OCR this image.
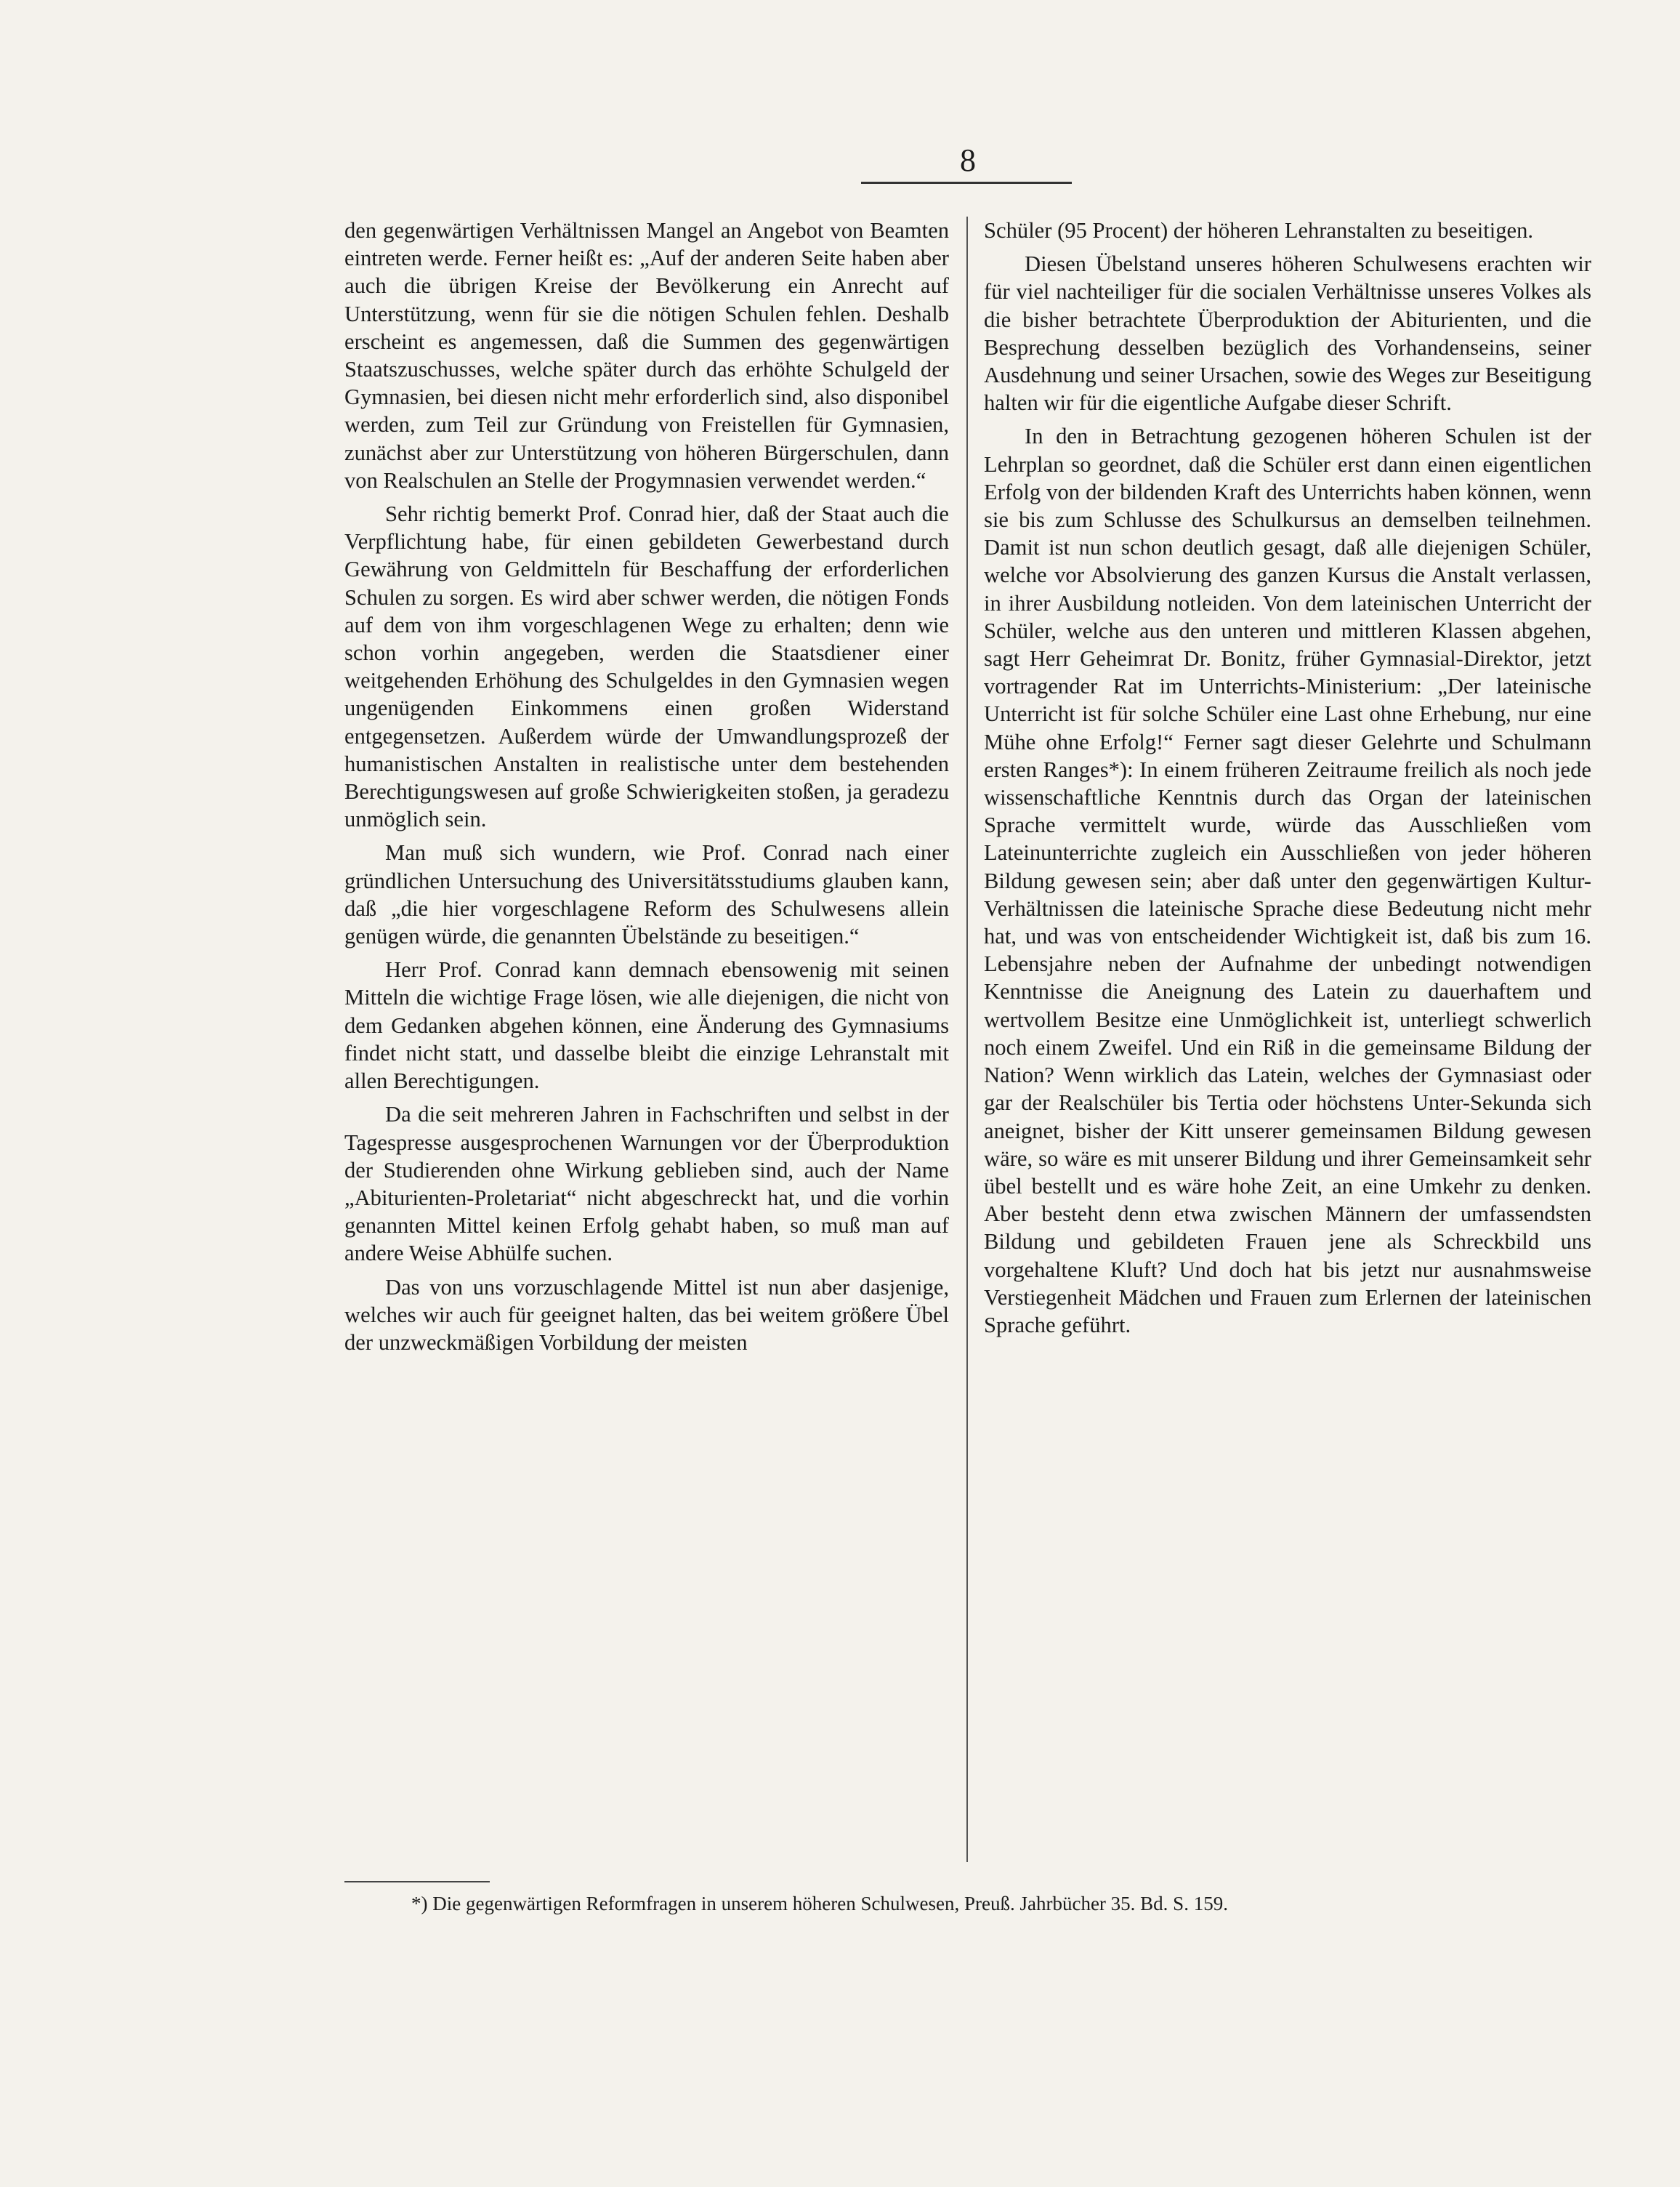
8

den gegenwärtigen Verhältnissen Mangel an Angebot von Beamten eintreten werde. Ferner heißt es: „Auf der anderen Seite haben aber auch die übrigen Kreise der Bevölkerung ein Anrecht auf Unterstützung, wenn für sie die nötigen Schulen fehlen. Deshalb erscheint es angemessen, daß die Summen des gegenwärtigen Staatszuschusses, welche später durch das erhöhte Schulgeld der Gymnasien, bei diesen nicht mehr erforderlich sind, also disponibel werden, zum Teil zur Gründung von Freistellen für Gymnasien, zunächst aber zur Unterstützung von höheren Bürgerschulen, dann von Realschulen an Stelle der Progymnasien verwendet werden.“

Sehr richtig bemerkt Prof. Conrad hier, daß der Staat auch die Verpflichtung habe, für einen gebildeten Gewerbestand durch Gewährung von Geldmitteln für Beschaffung der erforderlichen Schulen zu sorgen. Es wird aber schwer werden, die nötigen Fonds auf dem von ihm vorgeschlagenen Wege zu erhalten; denn wie schon vorhin angegeben, werden die Staatsdiener einer weitgehenden Erhöhung des Schulgeldes in den Gymnasien wegen ungenügenden Einkommens einen großen Widerstand entgegensetzen. Außerdem würde der Umwandlungsprozeß der humanistischen Anstalten in realistische unter dem bestehenden Berechtigungswesen auf große Schwierigkeiten stoßen, ja geradezu unmöglich sein.

Man muß sich wundern, wie Prof. Conrad nach einer gründlichen Untersuchung des Universitätsstudiums glauben kann, daß „die hier vorgeschlagene Reform des Schulwesens allein genügen würde, die genannten Übelstände zu beseitigen.“

Herr Prof. Conrad kann demnach ebensowenig mit seinen Mitteln die wichtige Frage lösen, wie alle diejenigen, die nicht von dem Gedanken abgehen können, eine Änderung des Gymnasiums findet nicht statt, und dasselbe bleibt die einzige Lehranstalt mit allen Berechtigungen.

Da die seit mehreren Jahren in Fachschriften und selbst in der Tagespresse ausgesprochenen Warnungen vor der Überproduktion der Studierenden ohne Wirkung geblieben sind, auch der Name „Abiturienten-Proletariat“ nicht abgeschreckt hat, und die vorhin genannten Mittel keinen Erfolg gehabt haben, so muß man auf andere Weise Abhülfe suchen.

Das von uns vorzuschlagende Mittel ist nun aber dasjenige, welches wir auch für geeignet halten, das bei weitem größere Übel der unzweckmäßigen Vorbildung der meisten

Schüler (95 Procent) der höheren Lehranstalten zu beseitigen.

Diesen Übelstand unseres höheren Schulwesens erachten wir für viel nachteiliger für die socialen Verhältnisse unseres Volkes als die bisher betrachtete Überproduktion der Abiturienten, und die Besprechung desselben bezüglich des Vorhandenseins, seiner Ausdehnung und seiner Ursachen, sowie des Weges zur Beseitigung halten wir für die eigentliche Aufgabe dieser Schrift.

In den in Betrachtung gezogenen höheren Schulen ist der Lehrplan so geordnet, daß die Schüler erst dann einen eigentlichen Erfolg von der bildenden Kraft des Unterrichts haben können, wenn sie bis zum Schlusse des Schulkursus an demselben teilnehmen. Damit ist nun schon deutlich gesagt, daß alle diejenigen Schüler, welche vor Absolvierung des ganzen Kursus die Anstalt verlassen, in ihrer Ausbildung notleiden. Von dem lateinischen Unterricht der Schüler, welche aus den unteren und mittleren Klassen abgehen, sagt Herr Geheimrat Dr. Bonitz, früher Gymnasial-Direktor, jetzt vortragender Rat im Unterrichts-Ministerium: „Der lateinische Unterricht ist für solche Schüler eine Last ohne Erhebung, nur eine Mühe ohne Erfolg!“ Ferner sagt dieser Gelehrte und Schulmann ersten Ranges*): In einem früheren Zeitraume freilich als noch jede wissenschaftliche Kenntnis durch das Organ der lateinischen Sprache vermittelt wurde, würde das Ausschließen vom Lateinunterrichte zugleich ein Ausschließen von jeder höheren Bildung gewesen sein; aber daß unter den gegenwärtigen Kultur-Verhältnissen die lateinische Sprache diese Bedeutung nicht mehr hat, und was von entscheidender Wichtigkeit ist, daß bis zum 16. Lebensjahre neben der Aufnahme der unbedingt notwendigen Kenntnisse die Aneignung des Latein zu dauerhaftem und wertvollem Besitze eine Unmöglichkeit ist, unterliegt schwerlich noch einem Zweifel. Und ein Riß in die gemeinsame Bildung der Nation? Wenn wirklich das Latein, welches der Gymnasiast oder gar der Realschüler bis Tertia oder höchstens Unter-Sekunda sich aneignet, bisher der Kitt unserer gemeinsamen Bildung gewesen wäre, so wäre es mit unserer Bildung und ihrer Gemeinsamkeit sehr übel bestellt und es wäre hohe Zeit, an eine Umkehr zu denken. Aber besteht denn etwa zwischen Männern der umfassendsten Bildung und gebildeten Frauen jene als Schreckbild uns vorgehaltene Kluft? Und doch hat bis jetzt nur ausnahmsweise Verstiegenheit Mädchen und Frauen zum Erlernen der lateinischen Sprache geführt.

*) Die gegenwärtigen Reformfragen in unserem höheren Schulwesen, Preuß. Jahrbücher 35. Bd. S. 159.
